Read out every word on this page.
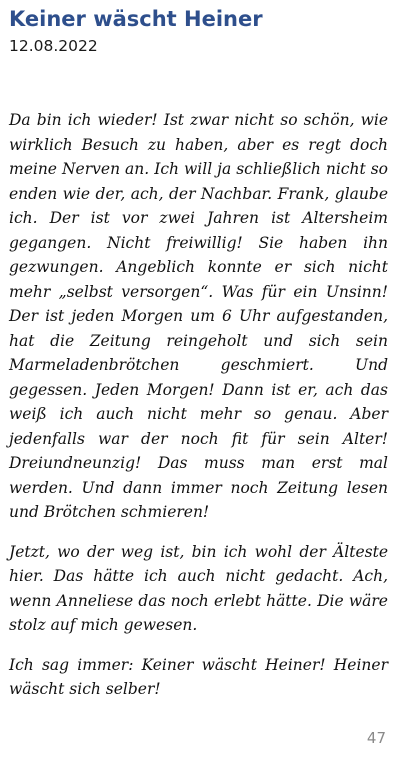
Keiner wäscht Heiner
12.08.2022

Da bin ich wieder! Ist zwar nicht so schön, wie wirklich Besuch zu haben, aber es regt doch meine Nerven an. Ich will ja schließlich nicht so enden wie der, ach, der Nachbar. Frank, glaube ich. Der ist vor zwei Jahren ist Altersheim gegangen. Nicht freiwillig! Sie haben ihn gezwungen. Angeblich konnte er sich nicht mehr „selbst versorgen“. Was für ein Unsinn! Der ist jeden Morgen um 6 Uhr aufgestanden, hat die Zeitung reingeholt und sich sein Marmeladenbrötchen geschmiert. Und gegessen. Jeden Morgen! Dann ist er, ach das weiß ich auch nicht mehr so genau. Aber jedenfalls war der noch fit für sein Alter! Dreiundneunzig! Das muss man erst mal werden. Und dann immer noch Zeitung lesen und Brötchen schmieren!

Jetzt, wo der weg ist, bin ich wohl der Älteste hier. Das hätte ich auch nicht gedacht. Ach, wenn Anneliese das noch erlebt hätte. Die wäre stolz auf mich gewesen.

Ich sag immer: Keiner wäscht Heiner! Heiner wäscht sich selber!

47
